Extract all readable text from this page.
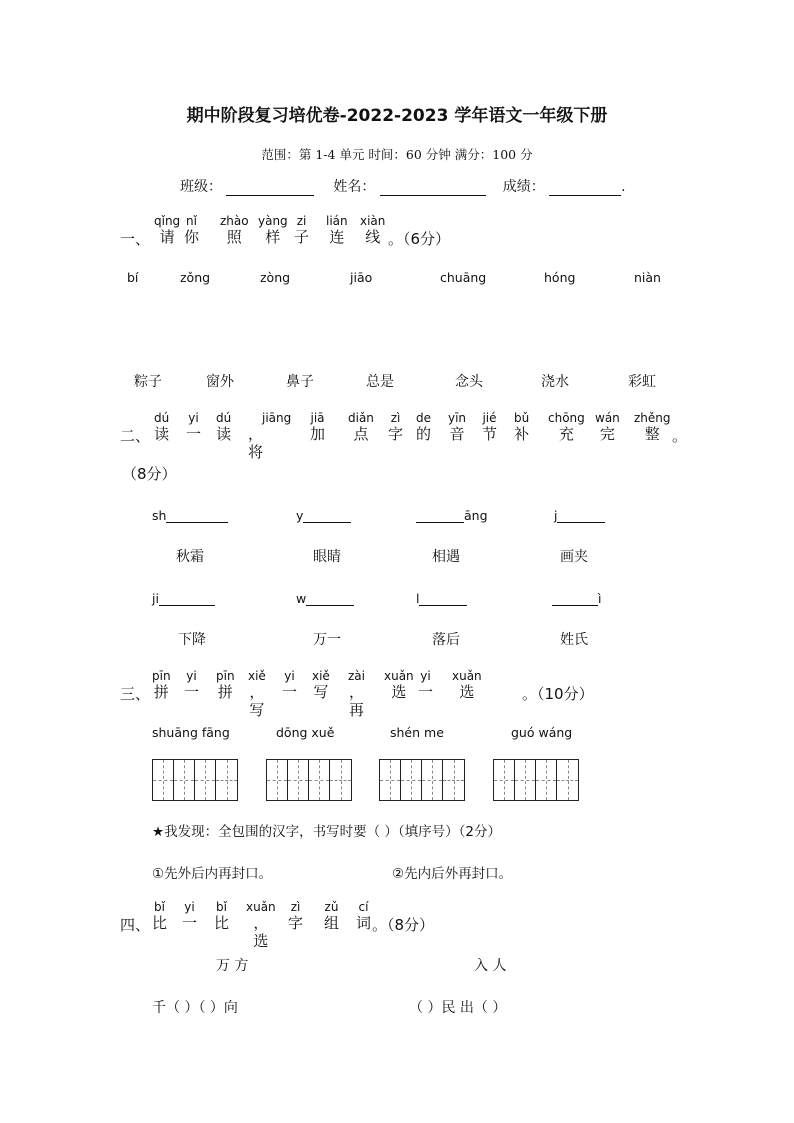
期中阶段复习培优卷-2022-2023 学年语文一年级下册
范围：第 1-4 单元 时间：60 分钟 满分：100 分
班级：	姓名：	成绩：	.
一、
qǐng
请
nǐ
你
zhào
照
yàng
样
zi
子
lián
连
xiàn
线 。（6分）
bí	zǒng	zòng	jiāo	chuāng	hóng	niàn
粽子	窗外	鼻子	总是	念头	浇水	彩虹
二、
dú
读
yi
一
dú
读 ，将
jiāng jiā
加
diǎn
点
zì
字
de
的
yīn
音
jié
节
bǔ
补
chōng
充
wán
完
zhěng
整 。
（8分）
sh	y	āng	j
秋霜	眼睛	相遇	画夹
ji	w	l	ì
下降	万一	落后	姓氏
三、
pīn
拼
yi
一
pīn
拼
xiě
，写
yi
一
xiě
写
zài
，再
xuǎn
选
yi
一
xuǎn
选	。（10分）
shuāng fāng	dōng xuě	shén me	guó wáng
★我发现：全包围的汉字，书写时要（ ）（填序号）（2分）
①先外后内再封口。	②先内后外再封口。
四、
bǐ
比
yi
一
bǐ
比
xuǎn
，选
zì
字
zǔ
组
cí
词 。（8分）
万 方	入 人
千（ ）（ ）向	（ ）民 出（ ）
